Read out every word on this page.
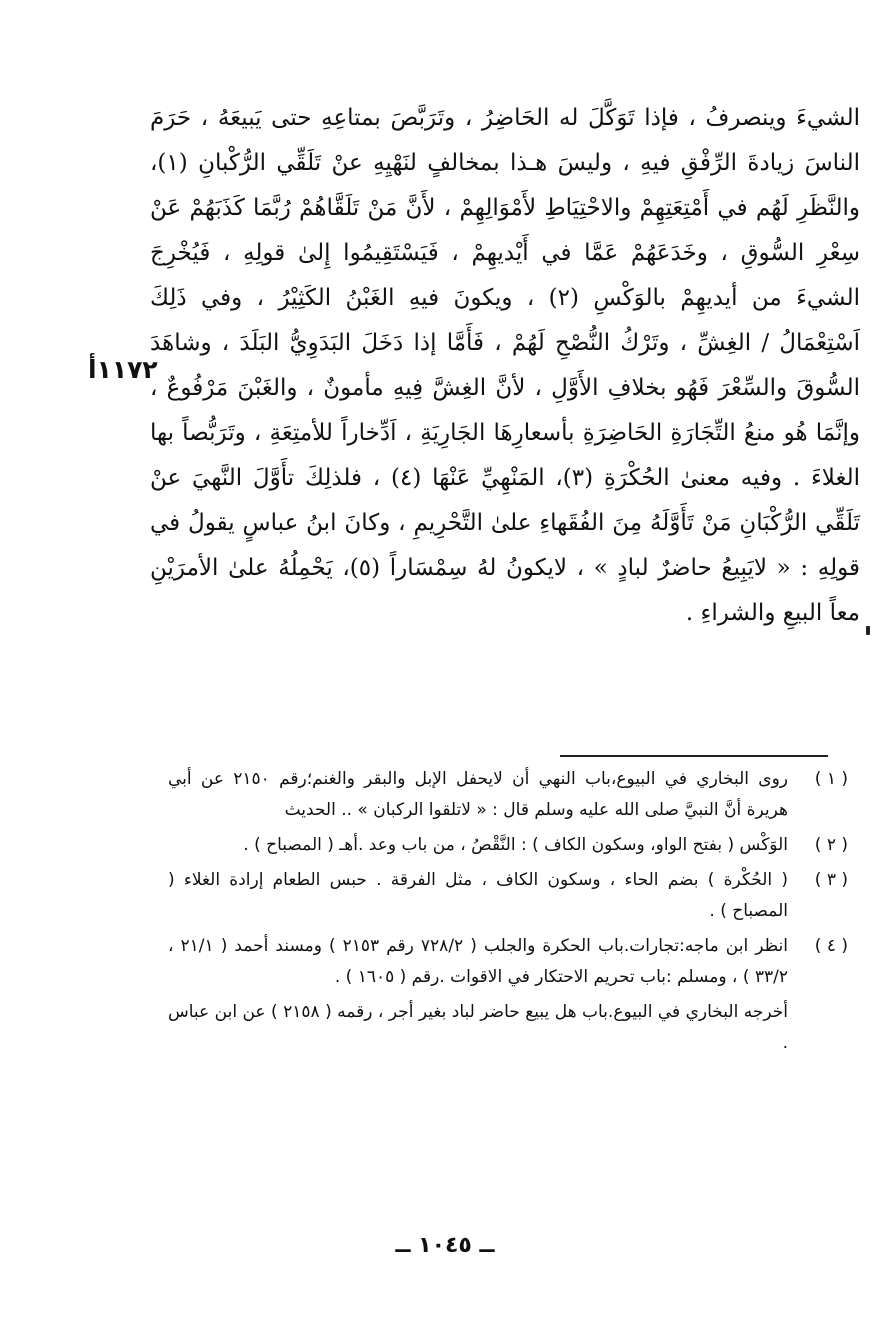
١١٧٢أ

الشيءَ وينصرفُ ، فإذا تَوَكَّلَ له الحَاضِرُ ، وتَرَبَّصَ بمتاعِهِ حتى يَبيعَهُ ، حَرَمَ الناسَ زيادةَ الرِّفْقِ فيهِ ، وليسَ هـذا بمخالفٍ لنَهْيِهِ عنْ تَلَقِّي الرُّكْبانِ (١)، والنَّظَرِ لَهُم في أَمْتِعَتِهِمْ والاحْتِيَاطِ لأَمْوَالِهِمْ ، لأَنَّ مَنْ تَلَقَّاهُمْ رُبَّمَا كَذَبَهُمْ عَنْ سِعْرِ السُّوقِ ، وخَدَعَهُمْ عَمَّا في أَيْديهِمْ ، فَيَسْتَقِيمُوا إِلىٰ قولِهِ ، فَيُخْرِجَ الشيءَ من أيديهِمْ بالوَكْسِ (٢) ، ويكونَ فيهِ الغَبْنُ الكَثِيْرُ ، وفي ذَلِكَ اَسْتِعْمَالُ / الغِشِّ ، وتَرْكُ النُّصْحِ لَهُمْ ، فَأَمَّا إذا دَخَلَ البَدَوِيُّ البَلَدَ ، وشاهَدَ السُّوقَ والسِّعْرَ فَهُو بخلافِ الأَوَّلِ ، لأنَّ الغِشَّ فِيهِ مأمونٌ ، والغَبْنَ مَرْفُوعٌ ، وإنَّمَا هُو منعُ التِّجَارَةِ الحَاضِرَةِ بأسعارِهَا الجَارِيَةِ ، اَدِّخاراً للأمتِعَةِ ، وتَرَبُّصاً بها الغلاءَ . وفيه معنىٰ الحُكْرَةِ (٣)، المَنْهِيِّ عَنْهَا (٤) ، فلذلِكَ تأَوَّلَ النَّهيَ عنْ تَلَقِّي الرُّكْبَانِ مَنْ تَأَوَّلَهُ مِنَ الفُقَهاءِ علىٰ التَّحْرِيمِ ، وكانَ ابنُ عباسٍ يقولُ في قولِهِ : « لايَبِيعُ حاضرٌ لبادٍ » ، لايكونُ لهُ سِمْسَاراً (٥)، يَحْمِلُهُ علىٰ الأمرَيْنِ معاً البيعِ والشراءِ .

( ١ )
روى البخاري في البيوع،باب النهي أن لايحفل الإبل والبقر والغنم؛رقم ٢١٥٠ عن أبي هريرة أنَّ النبيَّ صلى الله عليه وسلم قال : « لاتلقوا الركبان » .. الحديث
( ٢ )
الوَكْس ( بفتح الواو، وسكون الكاف ) : النَّقْصُ ، من باب وعد .أهـ ( المصباح ) .
( ٣ )
( الحُكْرة ) بضم الحاء ، وسكون الكاف ، مثل الفرقة . حبس الطعام إرادة الغلاء ( المصباح ) .
( ٤ )
انظر ابن ماجه:تجارات.باب الحكرة والجلب ( ٧٢٨/٢ رقم ٢١٥٣ ) ومسند أحمد ( ٢١/١ ، ٣٣/٢ ) ، ومسلم :باب تحريم الاحتكار في الاقوات .رقم ( ١٦٠٥ ) .
أخرجه البخاري في البيوع.باب هل يبيع حاضر لباد بغير أجر ، رقمه ( ٢١٥٨ ) عن ابن عباس .
ــ ١٠٤٥ ــ
